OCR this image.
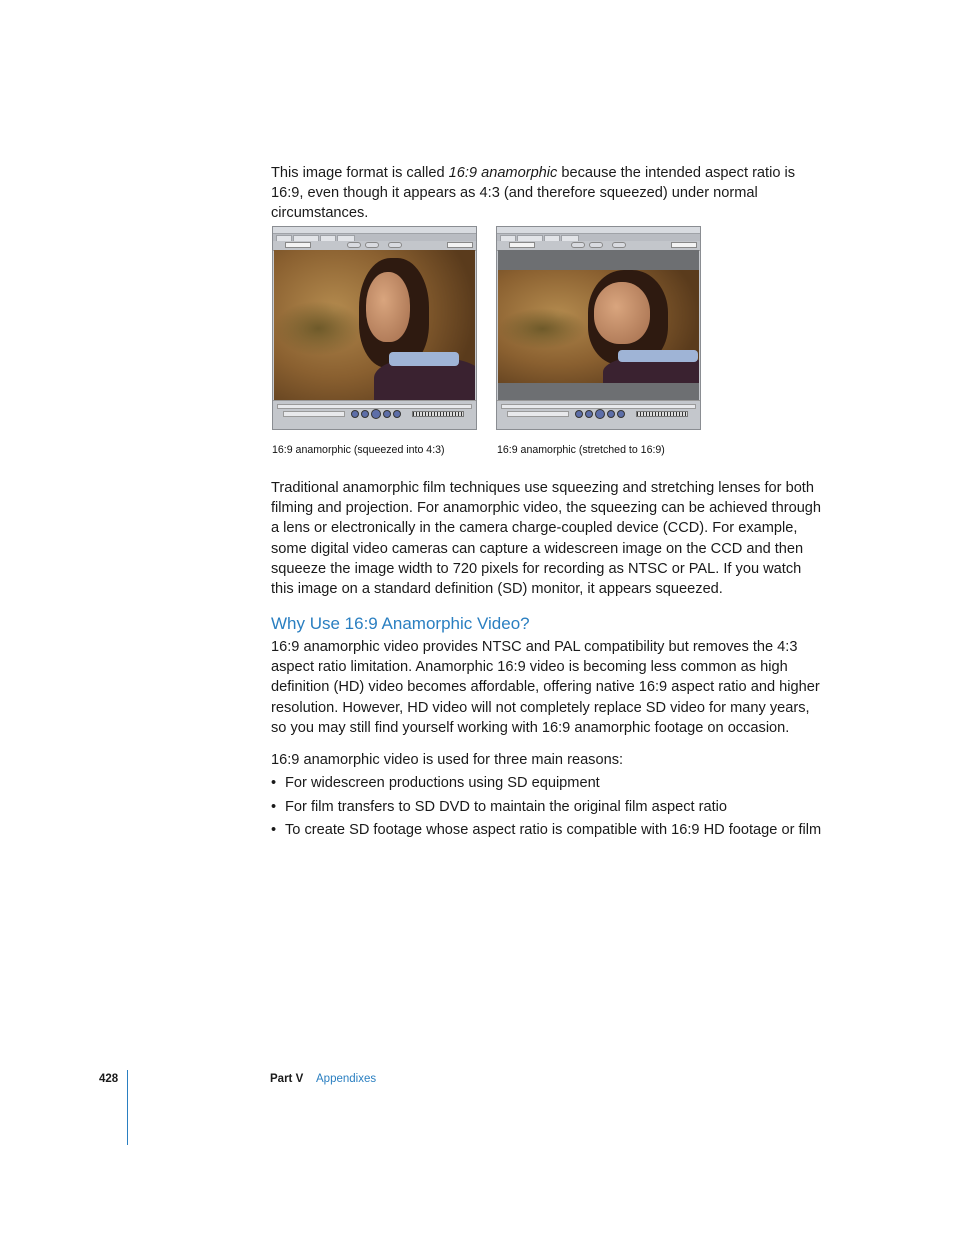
This image format is called 16:9 anamorphic because the intended aspect ratio is 16:9, even though it appears as 4:3 (and therefore squeezed) under normal circumstances.

16:9 anamorphic (squeezed into 4:3)	16:9 anamorphic (stretched to 16:9)

Traditional anamorphic film techniques use squeezing and stretching lenses for both filming and projection. For anamorphic video, the squeezing can be achieved through a lens or electronically in the camera charge-coupled device (CCD). For example, some digital video cameras can capture a widescreen image on the CCD and then squeeze the image width to 720 pixels for recording as NTSC or PAL. If you watch this image on a standard definition (SD) monitor, it appears squeezed.

Why Use 16:9 Anamorphic Video?

16:9 anamorphic video provides NTSC and PAL compatibility but removes the 4:3 aspect ratio limitation. Anamorphic 16:9 video is becoming less common as high definition (HD) video becomes affordable, offering native 16:9 aspect ratio and higher resolution. However, HD video will not completely replace SD video for many years, so you may still find yourself working with 16:9 anamorphic footage on occasion.

16:9 anamorphic video is used for three main reasons:

• For widescreen productions using SD equipment
• For film transfers to SD DVD to maintain the original film aspect ratio
• To create SD footage whose aspect ratio is compatible with 16:9 HD footage or film
428	Part V Appendixes
